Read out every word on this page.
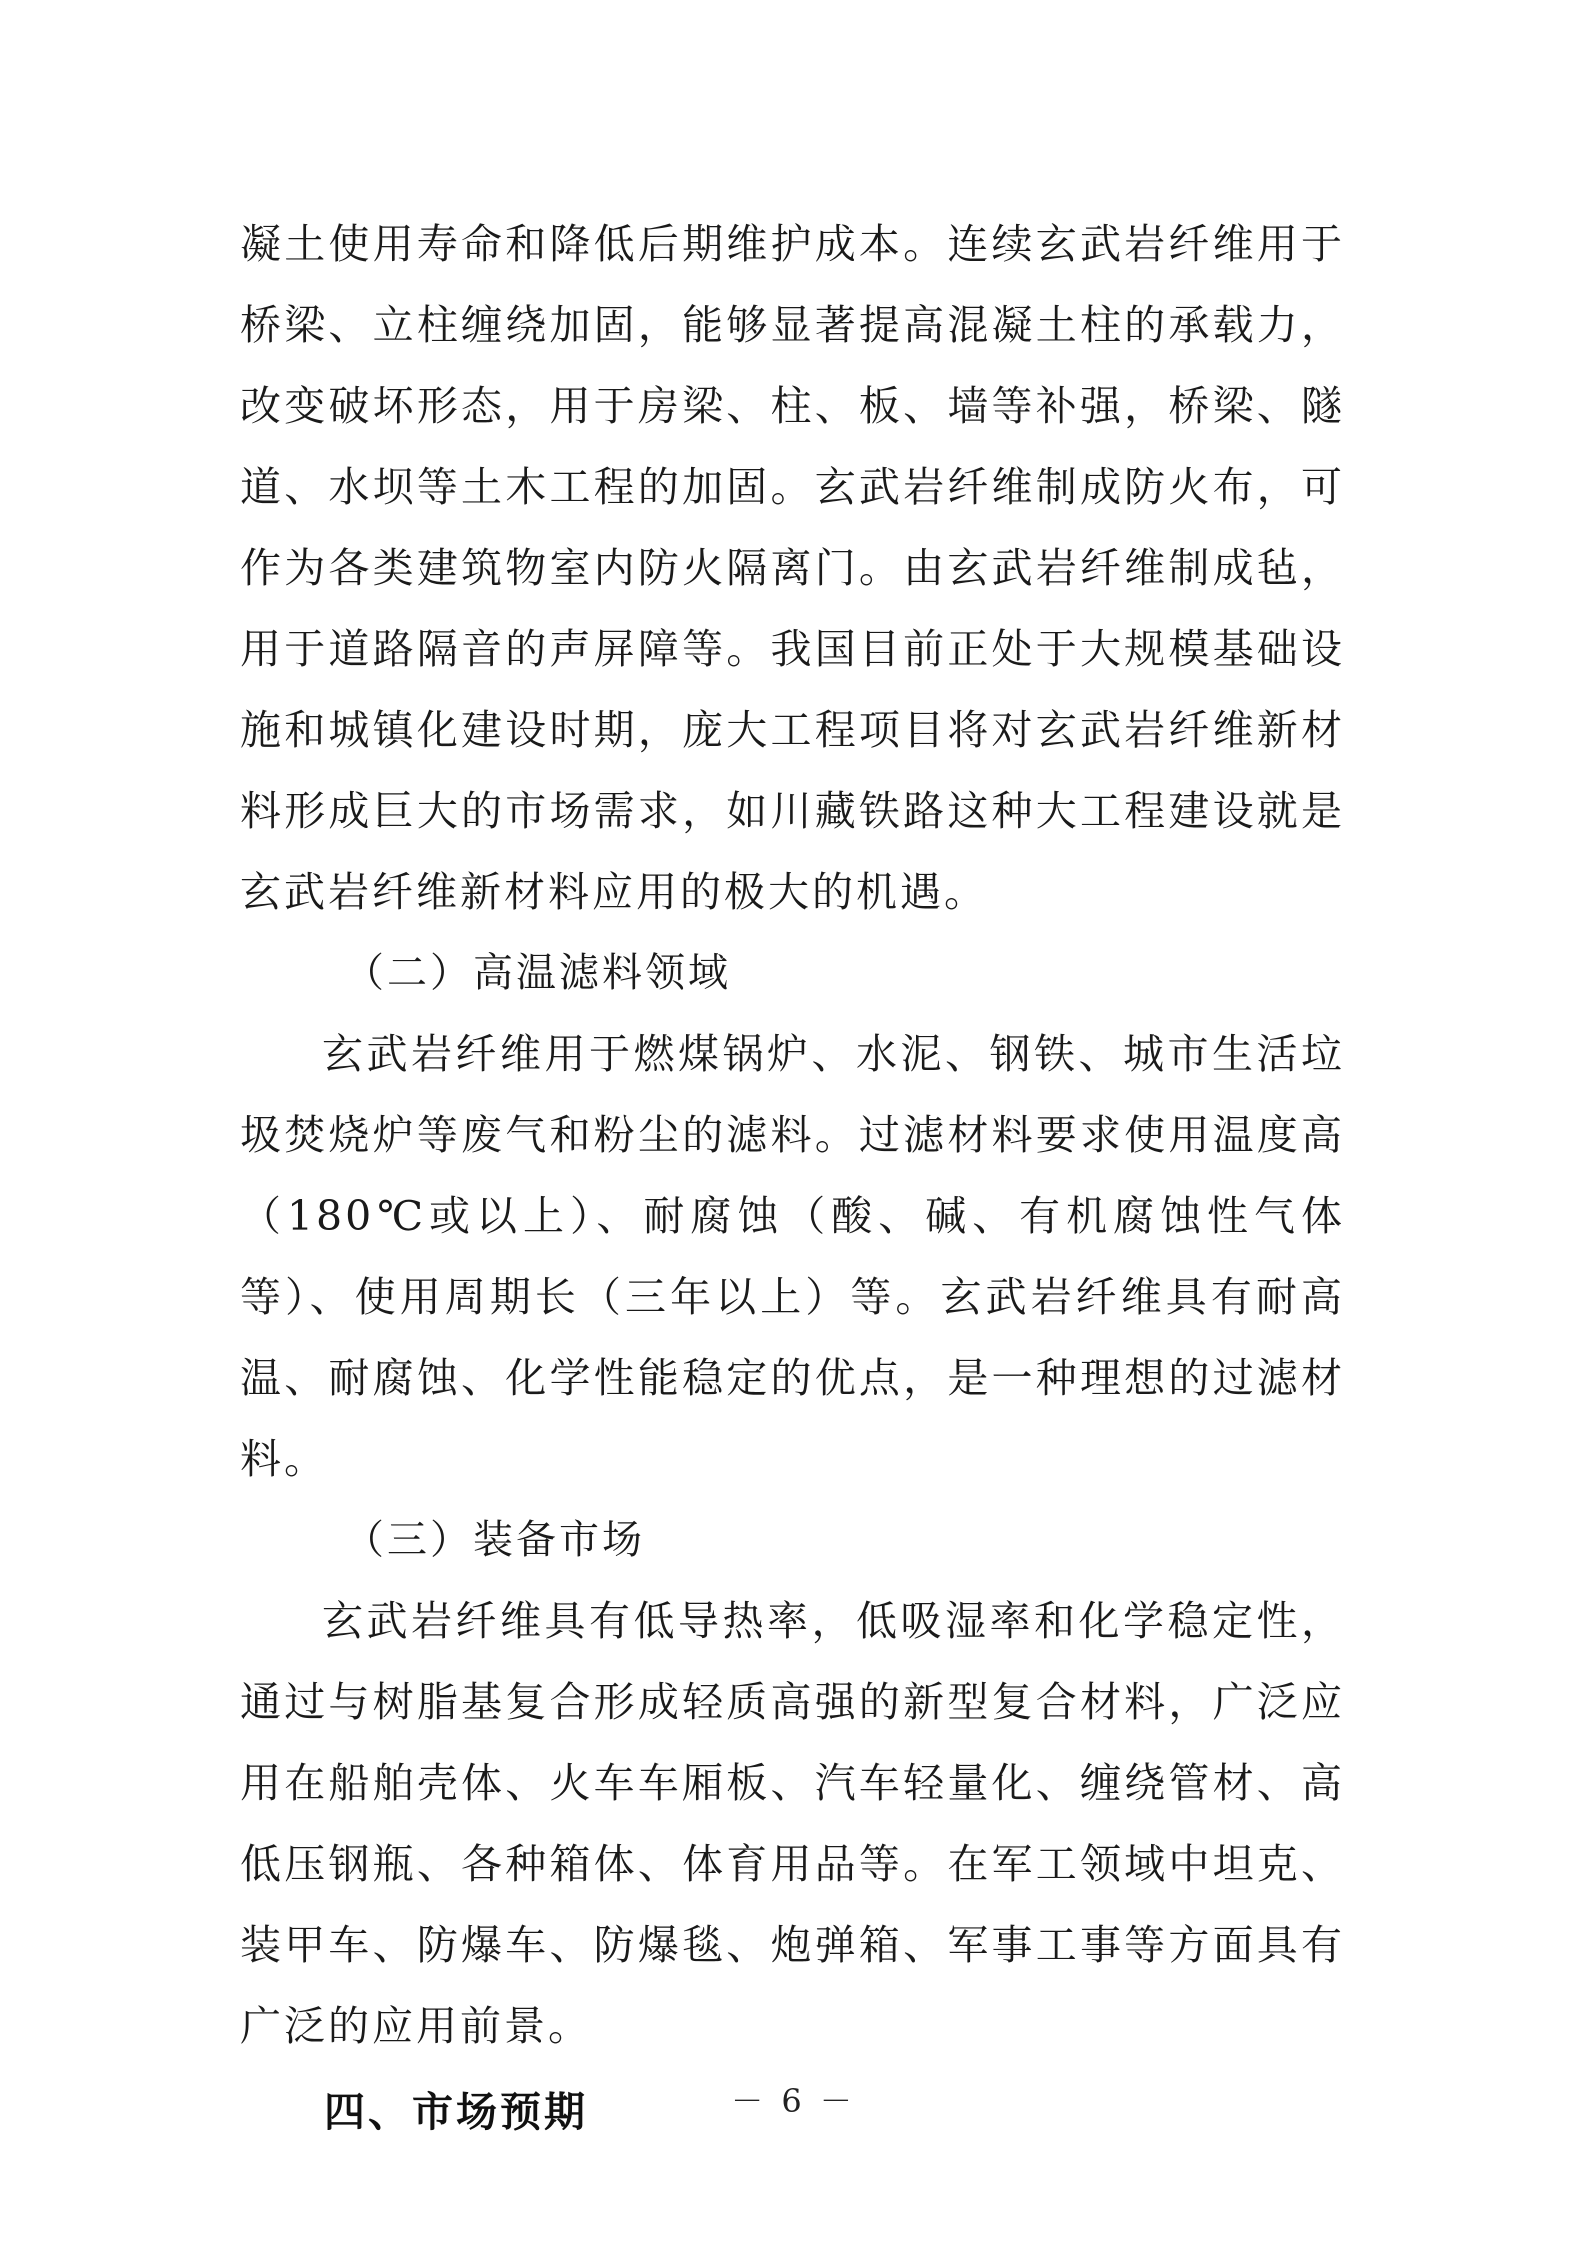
凝土使用寿命和降低后期维护成本。连续玄武岩纤维用于桥梁、立柱缠绕加固，能够显著提高混凝土柱的承载力，改变破坏形态，用于房梁、柱、板、墙等补强，桥梁、隧道、水坝等土木工程的加固。玄武岩纤维制成防火布，可作为各类建筑物室内防火隔离门。由玄武岩纤维制成毡，用于道路隔音的声屏障等。我国目前正处于大规模基础设施和城镇化建设时期，庞大工程项目将对玄武岩纤维新材料形成巨大的市场需求，如川藏铁路这种大工程建设就是玄武岩纤维新材料应用的极大的机遇。

（二）高温滤料领域

玄武岩纤维用于燃煤锅炉、水泥、钢铁、城市生活垃圾焚烧炉等废气和粉尘的滤料。过滤材料要求使用温度高（180℃或以上）、耐腐蚀（酸、碱、有机腐蚀性气体等）、使用周期长（三年以上）等。玄武岩纤维具有耐高温、耐腐蚀、化学性能稳定的优点，是一种理想的过滤材料。

（三）装备市场

玄武岩纤维具有低导热率，低吸湿率和化学稳定性，通过与树脂基复合形成轻质高强的新型复合材料，广泛应用在船舶壳体、火车车厢板、汽车轻量化、缠绕管材、高低压钢瓶、各种箱体、体育用品等。在军工领域中坦克、装甲车、防爆车、防爆毯、炮弹箱、军事工事等方面具有广泛的应用前景。

四、市场预期	－ 6 －
